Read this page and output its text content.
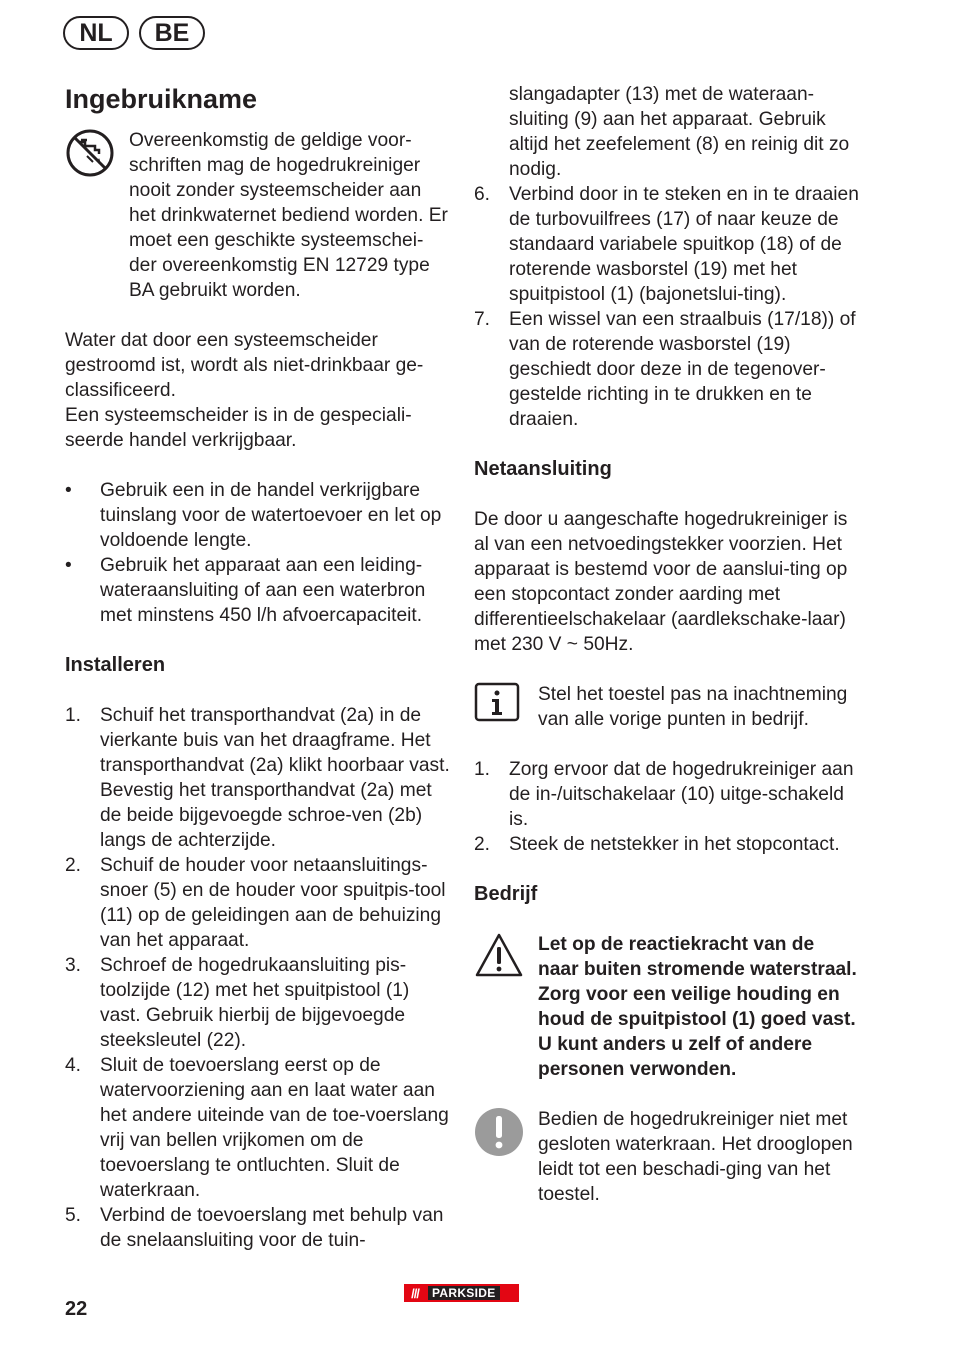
NL	BE
Ingebruikname

Overeenkomstig de geldige voor-schriften mag de hogedrukreiniger nooit zonder systeemscheider aan het drinkwaternet bediend worden. Er moet een geschikte systeemschei-der overeenkomstig EN 12729 type BA gebruikt worden.

Water dat door een systeemscheider gestroomd ist, wordt als niet-drinkbaar ge-classificeerd.

Een systeemscheider is in de gespeciali-seerde handel verkrijgbaar.

•	Gebruik een in de handel verkrijgbare tuinslang voor de watertoevoer en let op voldoende lengte.
•	Gebruik het apparaat aan een leiding-wateraansluiting of aan een waterbron met minstens 450 l/h afvoercapaciteit.
Installeren
1. Schuif het transporthandvat (2a) in de vierkante buis van het draagframe. Het transporthandvat (2a) klikt hoorbaar vast. Bevestig het transporthandvat (2a) met de beide bijgevoegde schroe-ven (2b) langs de achterzijde.
2. Schuif de houder voor netaansluitings-snoer (5) en de houder voor spuitpis-tool (11) op de geleidingen aan de behuizing van het apparaat.
3. Schroef de hogedrukaansluiting pis-toolzijde (12) met het spuitpistool (1) vast. Gebruik hierbij de bijgevoegde steeksleutel (22).
4. Sluit de toevoerslang eerst op de watervoorziening aan en laat water aan het andere uiteinde van de toe-voerslang vrij van bellen vrijkomen om de toevoerslang te ontluchten. Sluit de waterkraan.
5. Verbind de toevoerslang met behulp van de snelaansluiting voor de tuin-

slangadapter (13) met de wateraan-sluiting (9) aan het apparaat. Gebruik altijd het zeefelement (8) en reinig dit zo nodig.

6. Verbind door in te steken en in te draaien de turbovuilfrees (17) of naar keuze de standaard variabele spuitkop (18) of de roterende wasborstel (19) met het spuitpistool (1) (bajonetslui-ting).
7. Een wissel van een straalbuis (17/18)) of van de roterende wasborstel (19) geschiedt door deze in de tegenover-gestelde richting in te drukken en te draaien.
Netaansluiting

De door u aangeschafte hogedrukreiniger is al van een netvoedingstekker voorzien. Het apparaat is bestemd voor de aanslui-ting op een stopcontact zonder aarding met differentieelschakelaar (aardlekschake-laar) met 230 V ~ 50Hz.

Stel het toestel pas na inachtneming van alle vorige punten in bedrijf.

1. Zorg ervoor dat de hogedrukreiniger aan de in-/uitschakelaar (10) uitge-schakeld is.
2. Steek de netstekker in het stopcontact.
Bedrijf

Let op de reactiekracht van de naar buiten stromende waterstraal. Zorg voor een veilige houding en houd de spuitpistool (1) goed vast. U kunt anders u zelf of andere personen verwonden.

Bedien de hogedrukreiniger niet met gesloten waterkraan. Het drooglopen leidt tot een beschadi-ging van het toestel.

22
///	PARKSIDE
